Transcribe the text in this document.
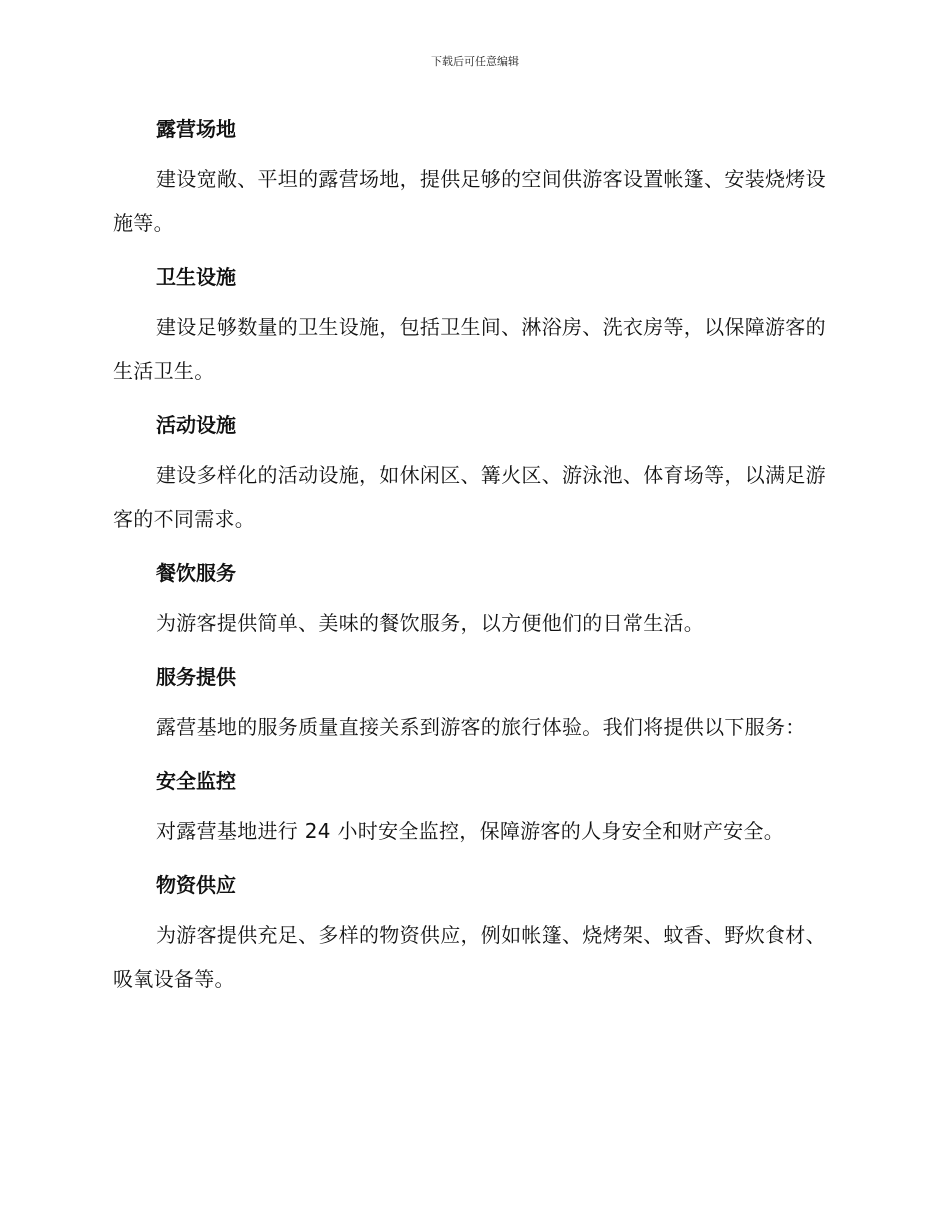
下载后可任意编辑
露营场地
建设宽敞、平坦的露营场地，提供足够的空间供游客设置帐篷、安装烧烤设施等。
卫生设施
建设足够数量的卫生设施，包括卫生间、淋浴房、洗衣房等，以保障游客的生活卫生。
活动设施
建设多样化的活动设施，如休闲区、篝火区、游泳池、体育场等，以满足游客的不同需求。
餐饮服务
为游客提供简单、美味的餐饮服务，以方便他们的日常生活。
服务提供
露营基地的服务质量直接关系到游客的旅行体验。我们将提供以下服务：
安全监控
对露营基地进行 24 小时安全监控，保障游客的人身安全和财产安全。
物资供应
为游客提供充足、多样的物资供应，例如帐篷、烧烤架、蚊香、野炊食材、吸氧设备等。
